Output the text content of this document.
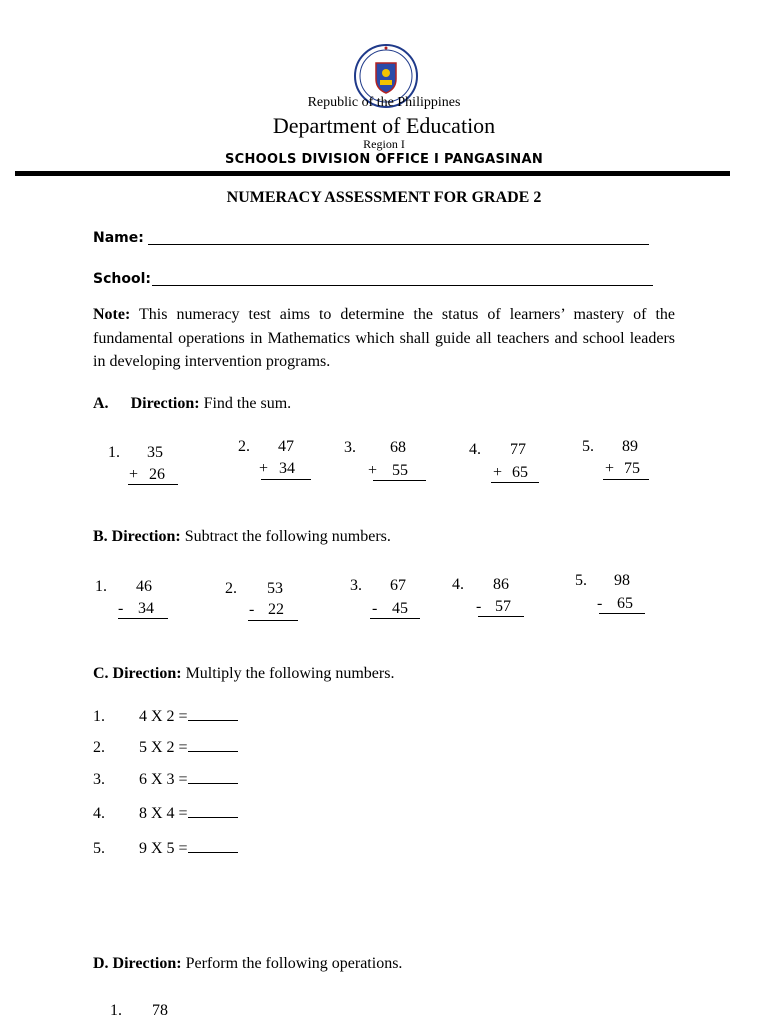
Republic of the Philippines
Department of Education
Region I
SCHOOLS DIVISION OFFICE I PANGASINAN
NUMERACY ASSESSMENT FOR GRADE 2
Name:
School:
Note: This numeracy test aims to determine the status of learners’ mastery of the fundamental operations in Mathematics which shall guide all teachers and school leaders in developing intervention programs.
A. Direction: Find the sum.
1. 35
+ 26
2. 47
+ 34
3. 68
+ 55
4. 77
+ 65
5. 89
+ 75
B. Direction: Subtract the following numbers.
1. 46
- 34
2. 53
- 22
3. 67
- 45
4. 86
- 57
5. 98
- 65
C. Direction: Multiply the following numbers.
1. 4 X 2 =
2. 5 X 2 =
3. 6 X 3 =
4. 8 X 4 =
5. 9 X 5 =
D. Direction: Perform the following operations.
1. 78
